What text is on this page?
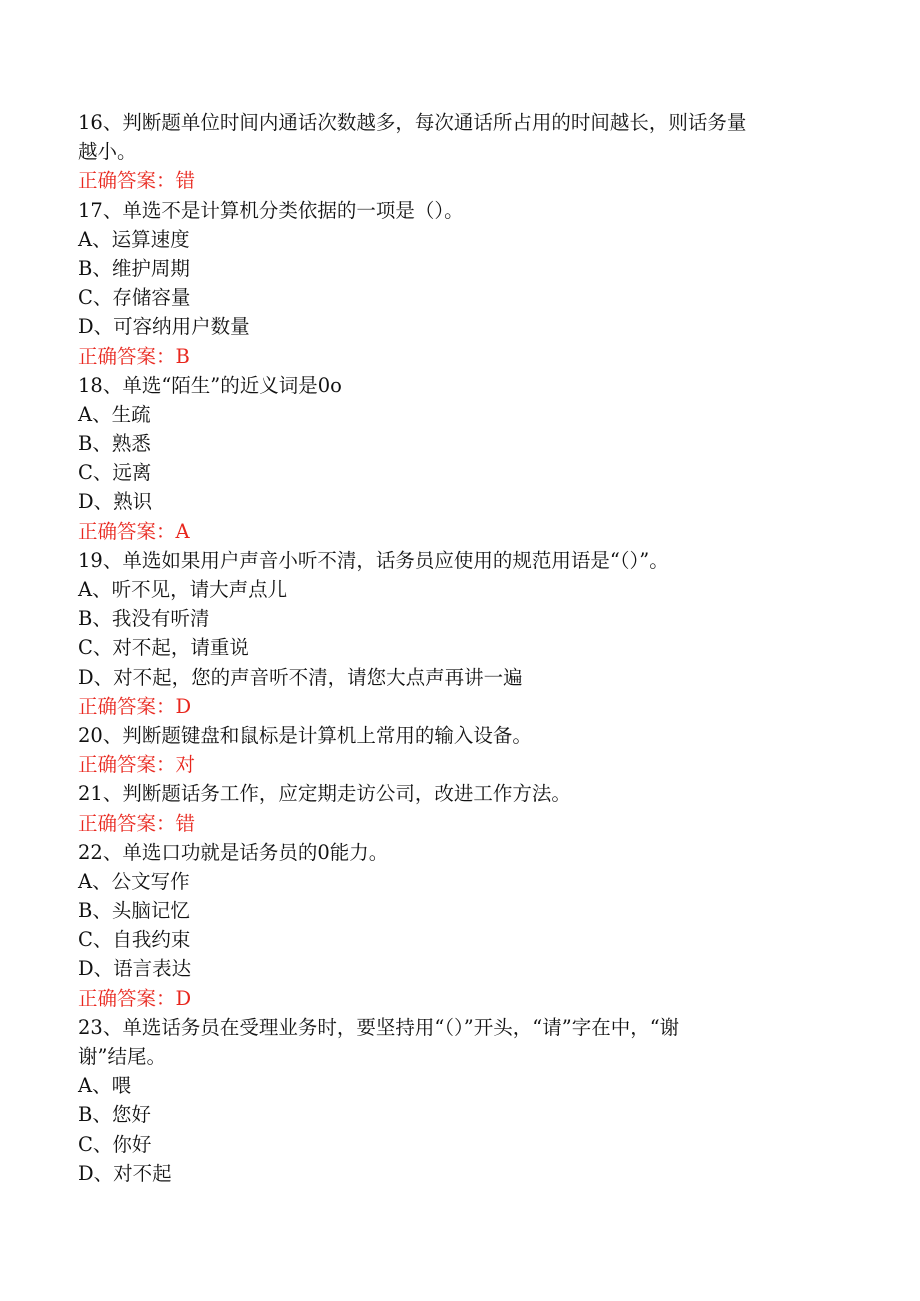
16、判断题单位时间内通话次数越多，每次通话所占用的时间越长，则话务量
越小。
正确答案：错
17、单选不是计算机分类依据的一项是（）。
A、运算速度
B、维护周期
C、存储容量
D、可容纳用户数量
正确答案：B
18、单选“陌生”的近义词是0o
A、生疏
B、熟悉
C、远离
D、熟识
正确答案：A
19、单选如果用户声音小听不清，话务员应使用的规范用语是“（）”。
A、听不见，请大声点儿
B、我没有听清
C、对不起，请重说
D、对不起，您的声音听不清，请您大点声再讲一遍
正确答案：D
20、判断题键盘和鼠标是计算机上常用的输入设备。
正确答案：对
21、判断题话务工作，应定期走访公司，改进工作方法。
正确答案：错
22、单选口功就是话务员的0能力。
A、公文写作
B、头脑记忆
C、自我约束
D、语言表达
正确答案：D
23、单选话务员在受理业务时，要坚持用“（）”开头，“请”字在中，“谢
谢”结尾。
A、喂
B、您好
C、你好
D、对不起
